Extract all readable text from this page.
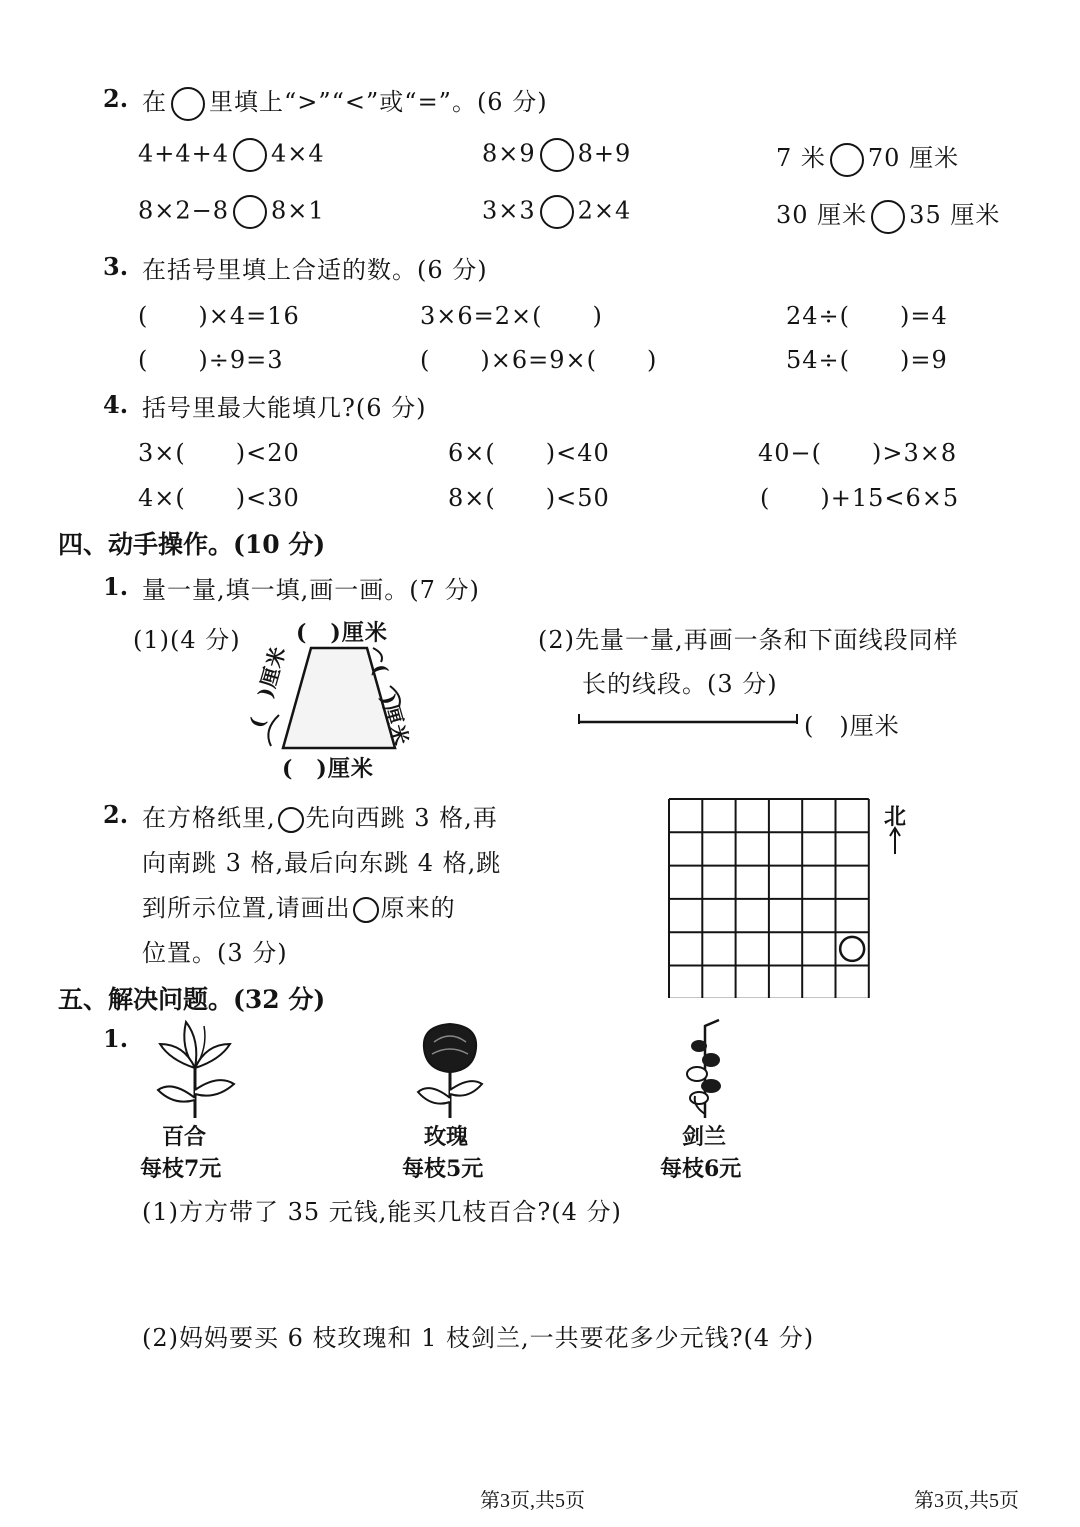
2. 在 里填上“>”“<”或“=”。(6 分)
4+4+4 4×4	8×9 8+9	7 米 70 厘米
8×2−8 8×1	3×3 2×4	30 厘米 35 厘米
3. 在括号里填上合适的数。(6 分)
(　　)×4=16	3×6=2×(　　)	24÷(　　)=4
(　　)÷9=3	(　　)×6=9×(　　)	54÷(　　)=9
4. 括号里最大能填几?(6 分)
3×(　　)<20	6×(　　)<40	40−(　　)>3×8
4×(　　)<30	8×(　　)<50	(　　)+15<6×5
四、动手操作。(10 分)
1. 量一量,填一填,画一画。(7 分)
(1)(4 分)	(　)厘米
(　)厘米
(　)厘米	(　)厘米
(2)先量一量,再画一条和下面线段同样
长的线段。(3 分)
(　)厘米
2. 在方格纸里, 先向西跳 3 格,再
向南跳 3 格,最后向东跳 4 格,跳
到所示位置,请画出 原来的
位置。(3 分)
北
五、解决问题。(32 分)
1.
百合
每枝7元
玫瑰
每枝5元
剑兰
每枝6元
(1)方方带了 35 元钱,能买几枝百合?(4 分)
(2)妈妈要买 6 枝玫瑰和 1 枝剑兰,一共要花多少元钱?(4 分)
第3页,共5页	第3页,共5页
